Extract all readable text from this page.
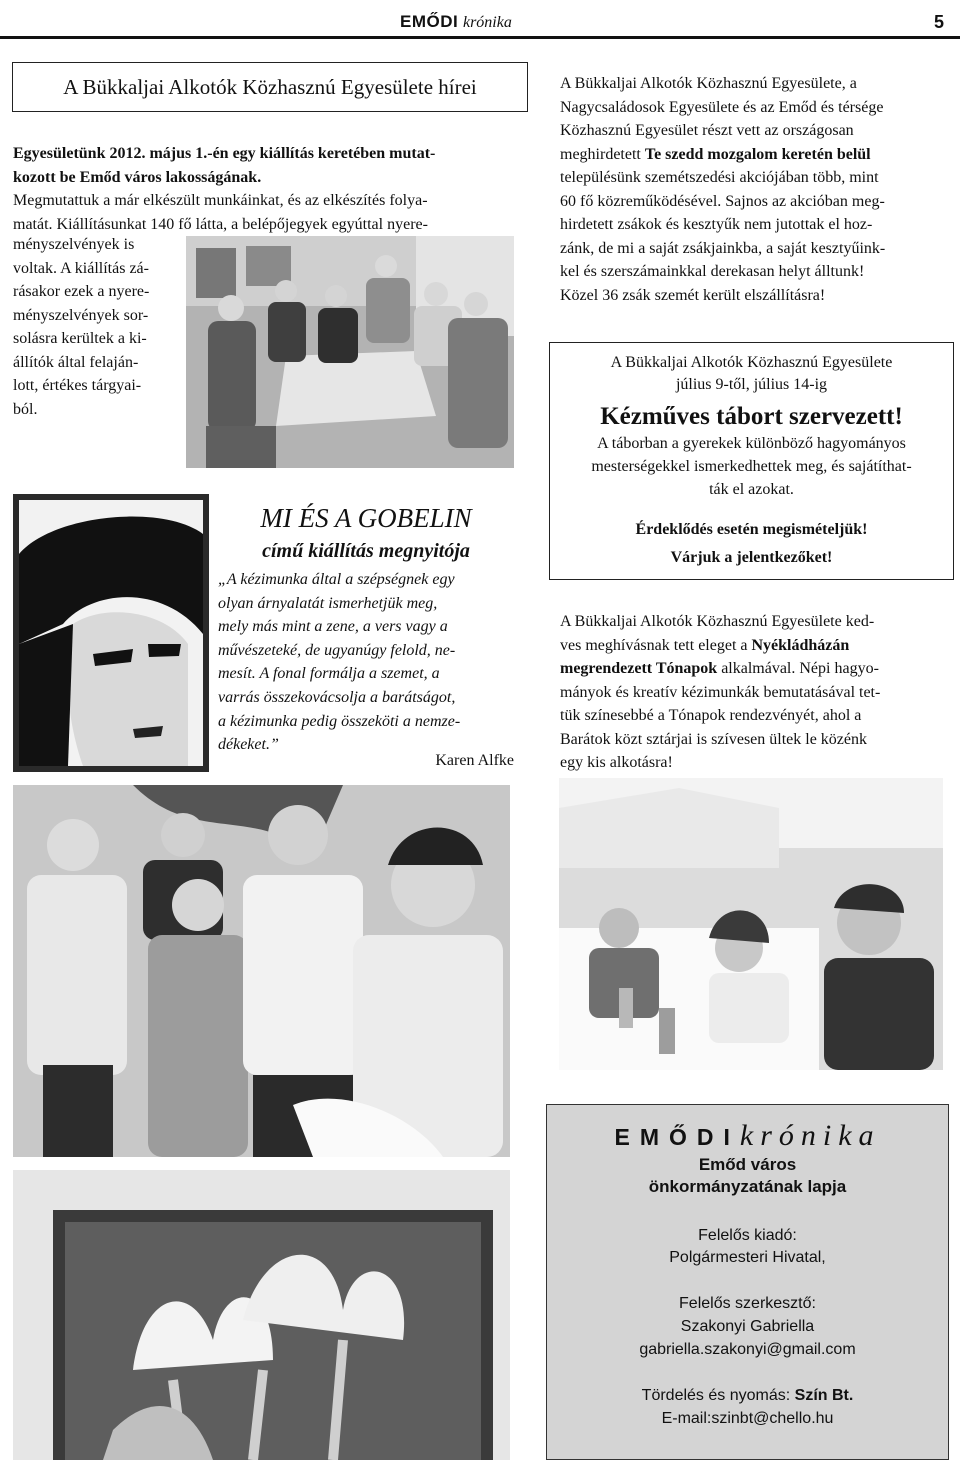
EMŐDI krónika	5
A Bükkaljai Alkotók Közhasznú Egyesülete hírei
Egyesületünk 2012. május 1.-én egy kiállítás keretében mutat-
kozott be Emőd város lakosságának.
Megmutattuk a már elkészült munkáinkat, és az elkészítés folya-
matát. Kiállításunkat 140 fő látta, a belépőjegyek egyúttal nyere-
ményszelvények is
voltak. A kiállítás zá-
rásakor ezek a nyere-
ményszelvények sor-
solásra kerültek a ki-
állítók által felaján-
lott, értékes tárgyai-
ból.
MI ÉS A GOBELIN
című kiállítás megnyitója
„A kézimunka által a szépségnek egy
olyan árnyalatát ismerhetjük meg,
mely más mint a zene, a vers vagy a
művészeteké, de ugyanúgy felold, ne-
mesít. A fonal formálja a szemet, a
varrás összekovácsolja a barátságot,
a kézimunka pedig összeköti a nemze-
dékeket.”
Karen Alfke
A Bükkaljai Alkotók Közhasznú Egyesülete, a
Nagycsaládosok Egyesülete és az Emőd és térsége
Közhasznú Egyesület részt vett az országosan
meghirdetett Te szedd mozgalom keretén belül
településünk szemétszedési akciójában több, mint
60 fő közreműködésével. Sajnos az akcióban meg-
hirdetett zsákok és kesztyűk nem jutottak el hoz-
zánk, de mi a saját zsákjainkba, a saját kesztyűink-
kel és szerszámainkkal derekasan helyt álltunk!
Közel 36 zsák szemét került elszállításra!
A Bükkaljai Alkotók Közhasznú Egyesülete
július 9-től, július 14-ig
Kézműves tábort szervezett!
A táborban a gyerekek különböző hagyományos
mesterségekkel ismerkedhettek meg, és sajátíthat-
ták el azokat.
Érdeklődés esetén megismételjük!
Várjuk a jelentkezőket!
A Bükkaljai Alkotók Közhasznú Egyesülete ked-
ves meghívásnak tett eleget a Nyékládházán
megrendezett Tónapok alkalmával. Népi hagyo-
mányok és kreatív kézimunkák bemutatásával tet-
tük színesebbé a Tónapok rendezvényét, ahol a
Barátok közt sztárjai is szívesen ültek le közénk
egy kis alkotásra!
EMŐDIkrónika
Emőd város
önkormányzatának lapja
Felelős kiadó:
Polgármesteri Hivatal,
Felelős szerkesztő:
Szakonyi Gabriella
gabriella.szakonyi@gmail.com
Tördelés és nyomás: Szín Bt.
E-mail:szinbt@chello.hu
